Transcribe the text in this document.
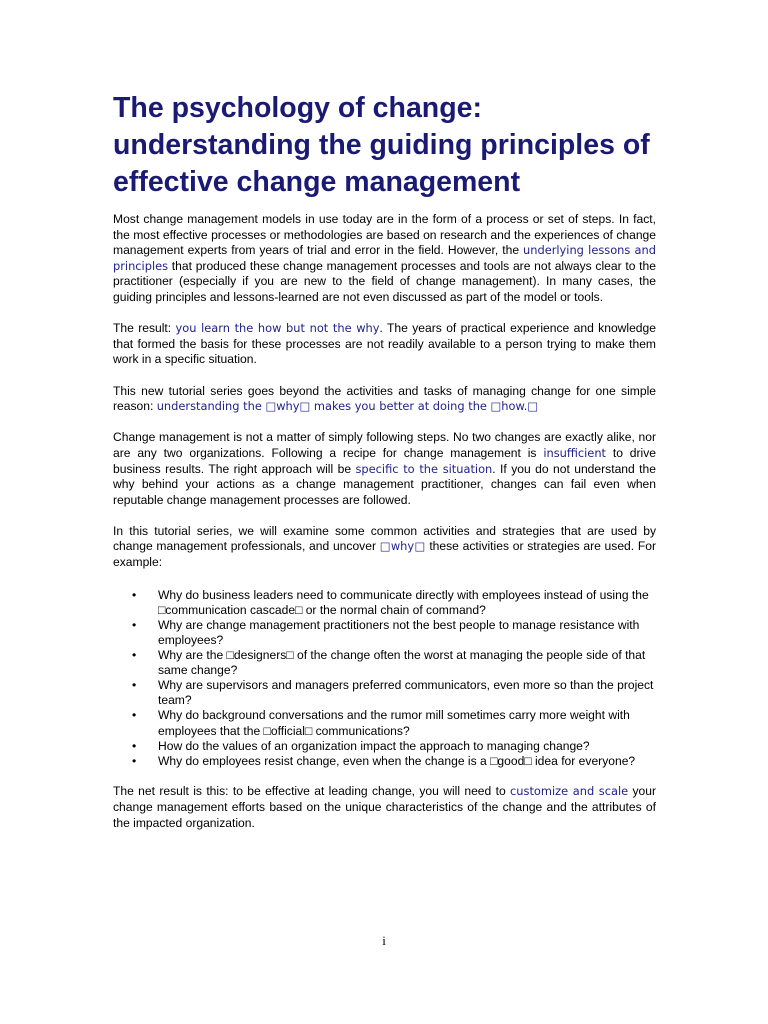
The psychology of change: understanding the guiding principles of effective change management

Most change management models in use today are in the form of a process or set of steps. In fact, the most effective processes or methodologies are based on research and the experiences of change management experts from years of trial and error in the field. However, the underlying lessons and principles that produced these change management processes and tools are not always clear to the practitioner (especially if you are new to the field of change management). In many cases, the guiding principles and lessons-learned are not even discussed as part of the model or tools.

The result: you learn the how but not the why. The years of practical experience and knowledge that formed the basis for these processes are not readily available to a person trying to make them work in a specific situation.

This new tutorial series goes beyond the activities and tasks of managing change for one simple reason: understanding the □why□ makes you better at doing the □how.□

Change management is not a matter of simply following steps. No two changes are exactly alike, nor are any two organizations. Following a recipe for change management is insufficient to drive business results. The right approach will be specific to the situation. If you do not understand the why behind your actions as a change management practitioner, changes can fail even when reputable change management processes are followed.

In this tutorial series, we will examine some common activities and strategies that are used by change management professionals, and uncover □why□ these activities or strategies are used. For example:

• Why do business leaders need to communicate directly with employees instead of using the □communication cascade□ or the normal chain of command?
• Why are change management practitioners not the best people to manage resistance with employees?
• Why are the □designers□ of the change often the worst at managing the people side of that same change?
• Why are supervisors and managers preferred communicators, even more so than the project team?
• Why do background conversations and the rumor mill sometimes carry more weight with employees that the □official□ communications?
• How do the values of an organization impact the approach to managing change?
• Why do employees resist change, even when the change is a □good□ idea for everyone?

The net result is this: to be effective at leading change, you will need to customize and scale your change management efforts based on the unique characteristics of the change and the attributes of the impacted organization.

i
